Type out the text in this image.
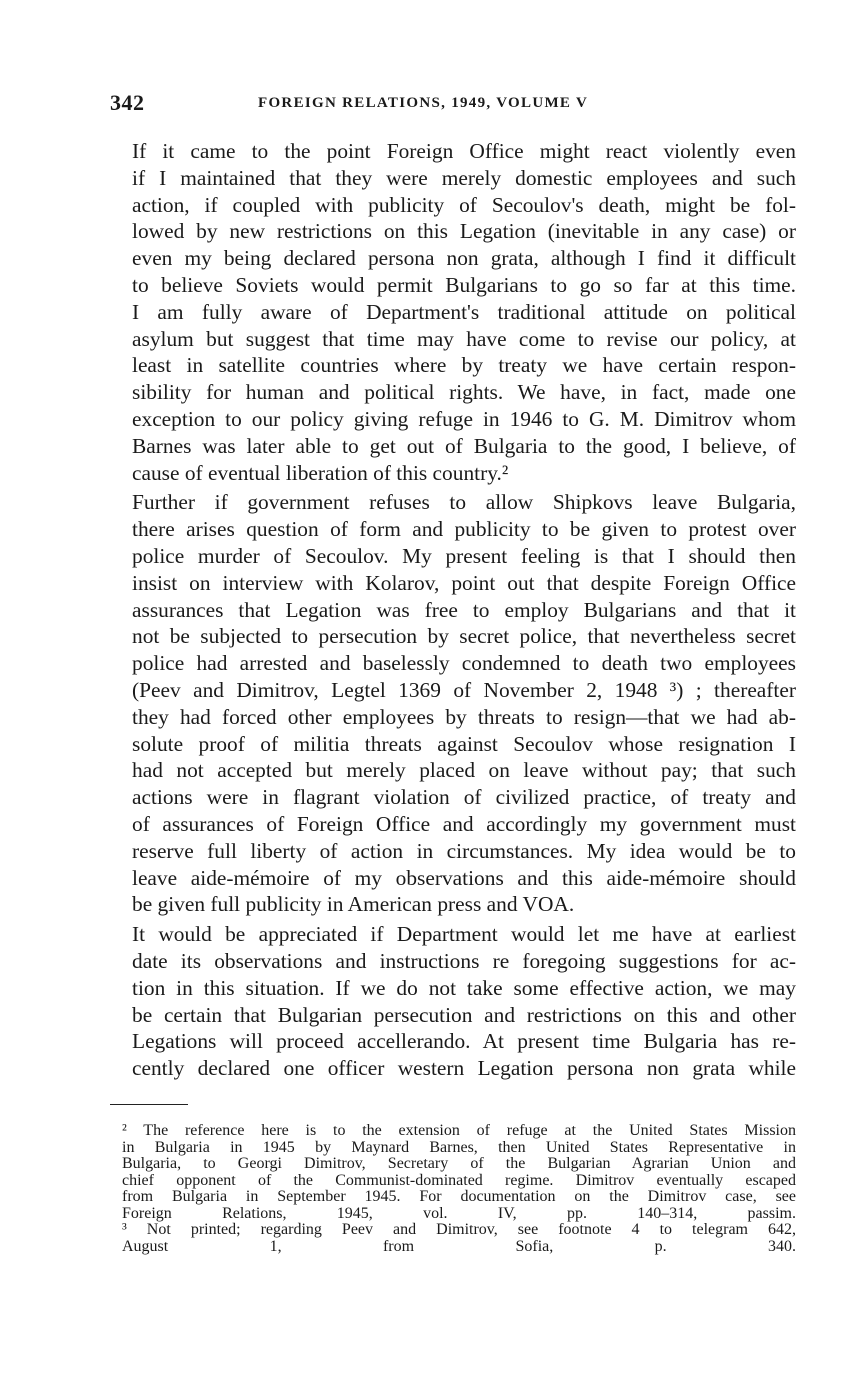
342	FOREIGN RELATIONS, 1949, VOLUME V

If it came to the point Foreign Office might react violently even
if I maintained that they were merely domestic employees and such
action, if coupled with publicity of Secoulov's death, might be fol-
lowed by new restrictions on this Legation (inevitable in any case) or
even my being declared persona non grata, although I find it difficult
to believe Soviets would permit Bulgarians to go so far at this time.
I am fully aware of Department's traditional attitude on political
asylum but suggest that time may have come to revise our policy, at
least in satellite countries where by treaty we have certain respon-
sibility for human and political rights. We have, in fact, made one
exception to our policy giving refuge in 1946 to G. M. Dimitrov whom
Barnes was later able to get out of Bulgaria to the good, I believe, of
cause of eventual liberation of this country.²

Further if government refuses to allow Shipkovs leave Bulgaria,
there arises question of form and publicity to be given to protest over
police murder of Secoulov. My present feeling is that I should then
insist on interview with Kolarov, point out that despite Foreign Office
assurances that Legation was free to employ Bulgarians and that it
not be subjected to persecution by secret police, that nevertheless secret
police had arrested and baselessly condemned to death two employees
(Peev and Dimitrov, Legtel 1369 of November 2, 1948 ³) ; thereafter
they had forced other employees by threats to resign—that we had ab-
solute proof of militia threats against Secoulov whose resignation I
had not accepted but merely placed on leave without pay; that such
actions were in flagrant violation of civilized practice, of treaty and
of assurances of Foreign Office and accordingly my government must
reserve full liberty of action in circumstances. My idea would be to
leave aide-mémoire of my observations and this aide-mémoire should
be given full publicity in American press and VOA.

It would be appreciated if Department would let me have at earliest
date its observations and instructions re foregoing suggestions for ac-
tion in this situation. If we do not take some effective action, we may
be certain that Bulgarian persecution and restrictions on this and other
Legations will proceed accellerando. At present time Bulgaria has re-
cently declared one officer western Legation persona non grata while

² The reference here is to the extension of refuge at the United States Mission
in Bulgaria in 1945 by Maynard Barnes, then United States Representative in
Bulgaria, to Georgi Dimitrov, Secretary of the Bulgarian Agrarian Union and
chief opponent of the Communist-dominated regime. Dimitrov eventually escaped
from Bulgaria in September 1945. For documentation on the Dimitrov case, see
Foreign Relations, 1945, vol. IV, pp. 140–314, passim.

³ Not printed; regarding Peev and Dimitrov, see footnote 4 to telegram 642,
August 1, from Sofia, p. 340.
